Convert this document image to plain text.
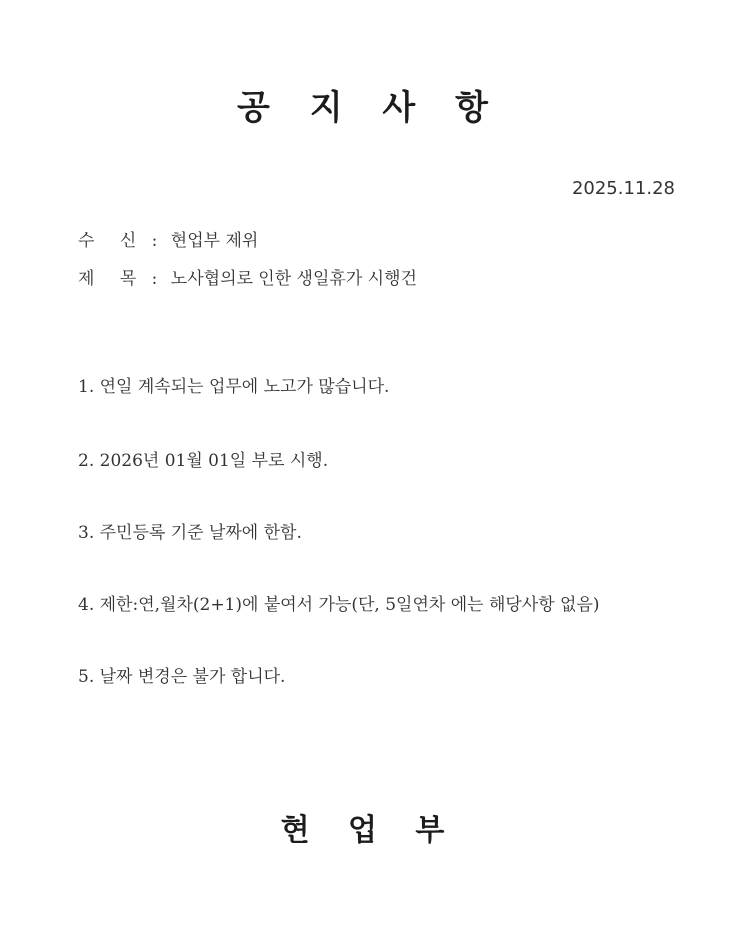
공 지 사 항
2025.11.28
수 신 : 현업부 제위
제 목 : 노사협의로 인한 생일휴가 시행건
1. 연일 계속되는 업무에 노고가 많습니다.
2. 2026년 01월 01일 부로 시행.
3. 주민등록 기준 날짜에 한함.
4. 제한:연,월차(2+1)에 붙여서 가능(단, 5일연차 에는 해당사항 없음)
5. 날짜 변경은 불가 합니다.
현 업 부
